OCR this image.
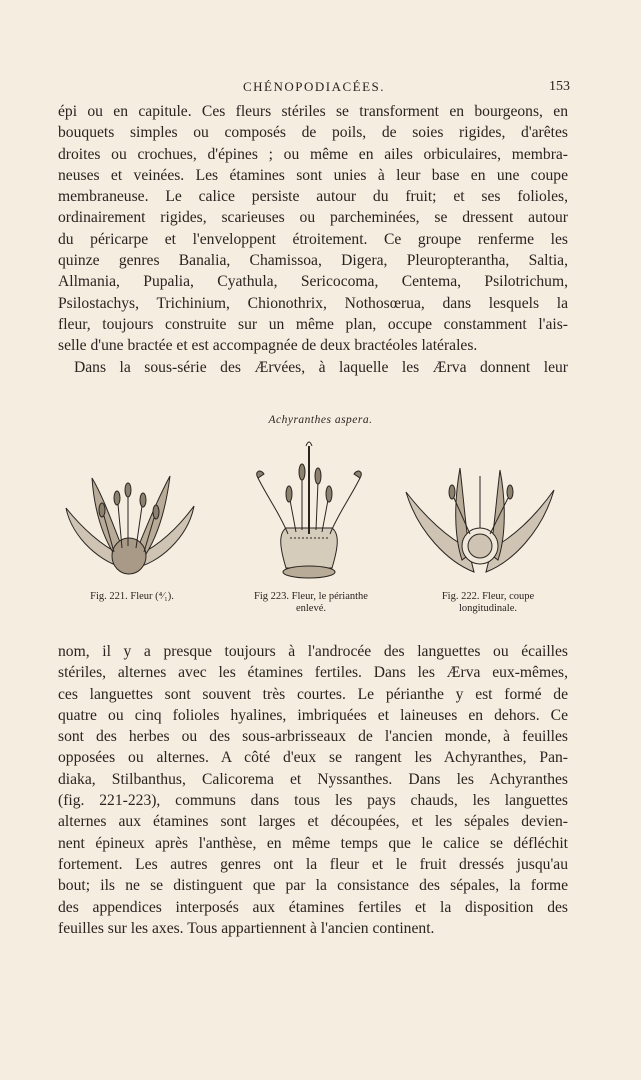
CHÉNOPODIACÉES.	153
épi ou en capitule. Ces fleurs stériles se transforment en bourgeons, en
bouquets simples ou composés de poils, de soies rigides, d'arêtes
droites ou crochues, d'épines ; ou même en ailes orbiculaires, membra-
neuses et veinées. Les étamines sont unies à leur base en une coupe
membraneuse. Le calice persiste autour du fruit; et ses folioles,
ordinairement rigides, scarieuses ou parcheminées, se dressent autour
du péricarpe et l'enveloppent étroitement. Ce groupe renferme les
quinze genres Banalia, Chamissoa, Digera, Pleuropterantha, Saltia,
Allmania, Pupalia, Cyathula, Sericocoma, Centema, Psilotrichum,
Psilostachys, Trichinium, Chionothrix, Nothosœrua, dans lesquels la
fleur, toujours construite sur un même plan, occupe constamment l'ais-
selle d'une bractée et est accompagnée de deux bractéoles latérales.
Dans la sous-série des Ærvées, à laquelle les Ærva donnent leur
Achyranthes aspera.
Fig. 221. Fleur (⁴⁄₁).	Fig 223. Fleur, le périanthe
enlevé.
Fig. 222. Fleur, coupe
longitudinale.
nom, il y a presque toujours à l'androcée des languettes ou écailles
stériles, alternes avec les étamines fertiles. Dans les Ærva eux-mêmes,
ces languettes sont souvent très courtes. Le périanthe y est formé de
quatre ou cinq folioles hyalines, imbriquées et laineuses en dehors. Ce
sont des herbes ou des sous-arbrisseaux de l'ancien monde, à feuilles
opposées ou alternes. A côté d'eux se rangent les Achyranthes, Pan-
diaka, Stilbanthus, Calicorema et Nyssanthes. Dans les Achyranthes
(fig. 221-223), communs dans tous les pays chauds, les languettes
alternes aux étamines sont larges et découpées, et les sépales devien-
nent épineux après l'anthèse, en même temps que le calice se défléchit
fortement. Les autres genres ont la fleur et le fruit dressés jusqu'au
bout; ils ne se distinguent que par la consistance des sépales, la forme
des appendices interposés aux étamines fertiles et la disposition des
feuilles sur les axes. Tous appartiennent à l'ancien continent.
